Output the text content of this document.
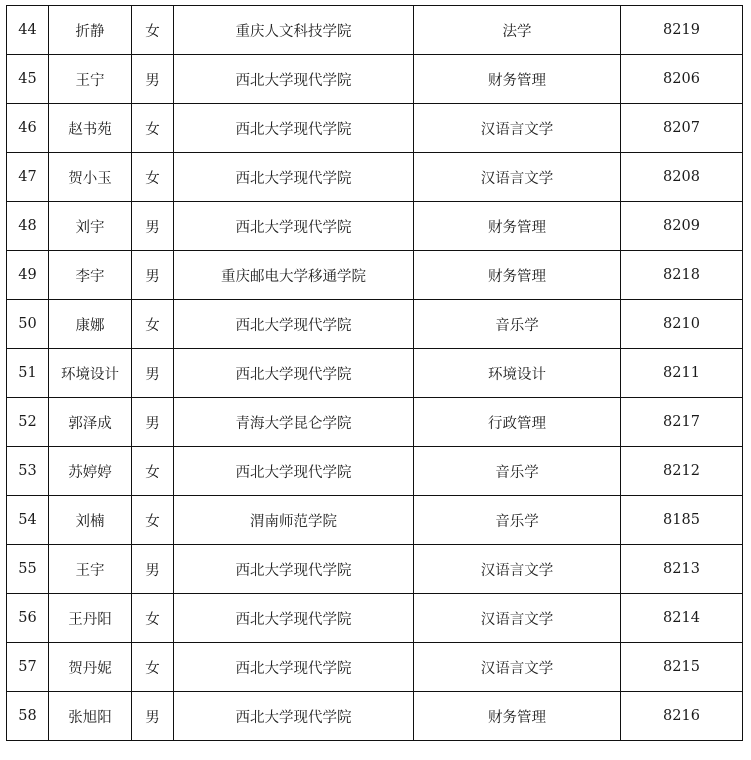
44	折静	女	重庆人文科技学院	法学	8219
45	王宁	男	西北大学现代学院	财务管理	8206
46	赵书苑	女	西北大学现代学院	汉语言文学	8207
47	贺小玉	女	西北大学现代学院	汉语言文学	8208
48	刘宇	男	西北大学现代学院	财务管理	8209
49	李宇	男	重庆邮电大学移通学院	财务管理	8218
50	康娜	女	西北大学现代学院	音乐学	8210
51	环境设计	男	西北大学现代学院	环境设计	8211
52	郭泽成	男	青海大学昆仑学院	行政管理	8217
53	苏婷婷	女	西北大学现代学院	音乐学	8212
54	刘楠	女	渭南师范学院	音乐学	8185
55	王宇	男	西北大学现代学院	汉语言文学	8213
56	王丹阳	女	西北大学现代学院	汉语言文学	8214
57	贺丹妮	女	西北大学现代学院	汉语言文学	8215
58	张旭阳	男	西北大学现代学院	财务管理	8216
